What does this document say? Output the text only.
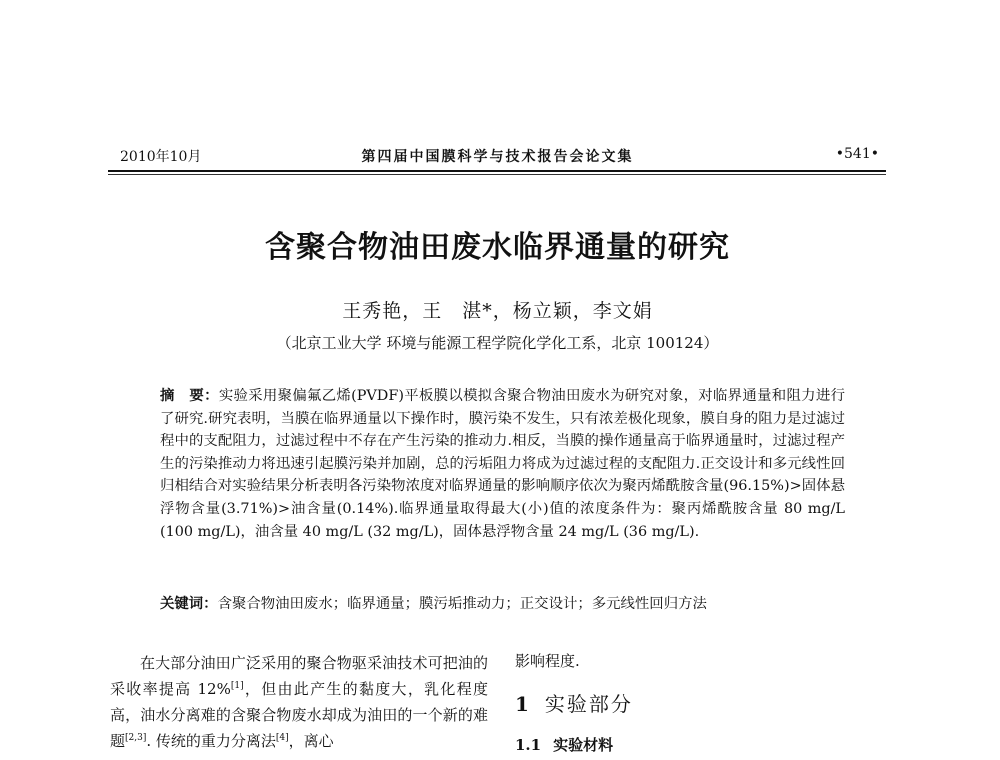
第四届中国膜科学与技术报告会论文集
2010年10月	•541•
含聚合物油田废水临界通量的研究
王秀艳，王　湛*，杨立颖，李文娟
（北京工业大学 环境与能源工程学院化学化工系，北京 100124）
摘　要：实验采用聚偏氟乙烯(PVDF)平板膜以模拟含聚合物油田废水为研究对象，对临界通量和阻力进行了研究.研究表明，当膜在临界通量以下操作时，膜污染不发生，只有浓差极化现象，膜自身的阻力是过滤过程中的支配阻力，过滤过程中不存在产生污染的推动力.相反，当膜的操作通量高于临界通量时，过滤过程产生的污染推动力将迅速引起膜污染并加剧，总的污垢阻力将成为过滤过程的支配阻力.正交设计和多元线性回归相结合对实验结果分析表明各污染物浓度对临界通量的影响顺序依次为聚丙烯酰胺含量(96.15%)>固体悬浮物含量(3.71%)>油含量(0.14%).临界通量取得最大(小)值的浓度条件为：聚丙烯酰胺含量 80 mg/L (100 mg/L)，油含量 40 mg/L (32 mg/L)，固体悬浮物含量 24 mg/L (36 mg/L).
关键词：含聚合物油田废水；临界通量；膜污垢推动力；正交设计；多元线性回归方法
在大部分油田广泛采用的聚合物驱采油技术可把油的采收率提高 12%[1]，但由此产生的黏度大，乳化程度高，油水分离难的含聚合物废水却成为油田的一个新的难题[2,3]. 传统的重力分离法[4]，离心
影响程度.
1 实验部分
1.1 实验材料
